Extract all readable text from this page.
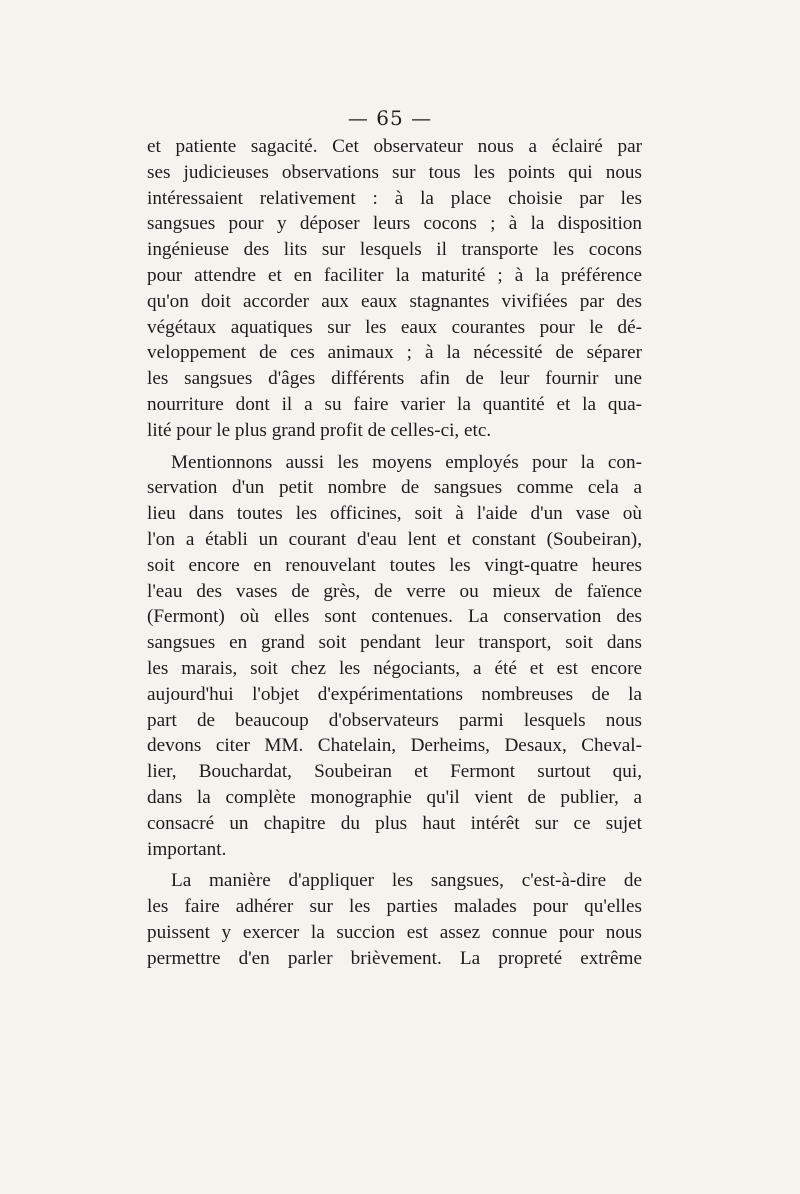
— 65 —
et patiente sagacité. Cet observateur nous a éclairé par
ses judicieuses observations sur tous les points qui nous
intéressaient relativement : à la place choisie par les
sangsues pour y déposer leurs cocons ; à la disposition
ingénieuse des lits sur lesquels il transporte les cocons
pour attendre et en faciliter la maturité ; à la préférence
qu'on doit accorder aux eaux stagnantes vivifiées par des
végétaux aquatiques sur les eaux courantes pour le dé-
veloppement de ces animaux ; à la nécessité de séparer
les sangsues d'âges différents afin de leur fournir une
nourriture dont il a su faire varier la quantité et la qua-
lité pour le plus grand profit de celles-ci, etc.
Mentionnons aussi les moyens employés pour la con-
servation d'un petit nombre de sangsues comme cela a
lieu dans toutes les officines, soit à l'aide d'un vase où
l'on a établi un courant d'eau lent et constant (Soubeiran),
soit encore en renouvelant toutes les vingt-quatre heures
l'eau des vases de grès, de verre ou mieux de faïence
(Fermont) où elles sont contenues. La conservation des
sangsues en grand soit pendant leur transport, soit dans
les marais, soit chez les négociants, a été et est encore
aujourd'hui l'objet d'expérimentations nombreuses de la
part de beaucoup d'observateurs parmi lesquels nous
devons citer MM. Chatelain, Derheims, Desaux, Cheval-
lier, Bouchardat, Soubeiran et Fermont surtout qui,
dans la complète monographie qu'il vient de publier, a
consacré un chapitre du plus haut intérêt sur ce sujet
important.
La manière d'appliquer les sangsues, c'est-à-dire de
les faire adhérer sur les parties malades pour qu'elles
puissent y exercer la succion est assez connue pour nous
permettre d'en parler brièvement. La propreté extrême
